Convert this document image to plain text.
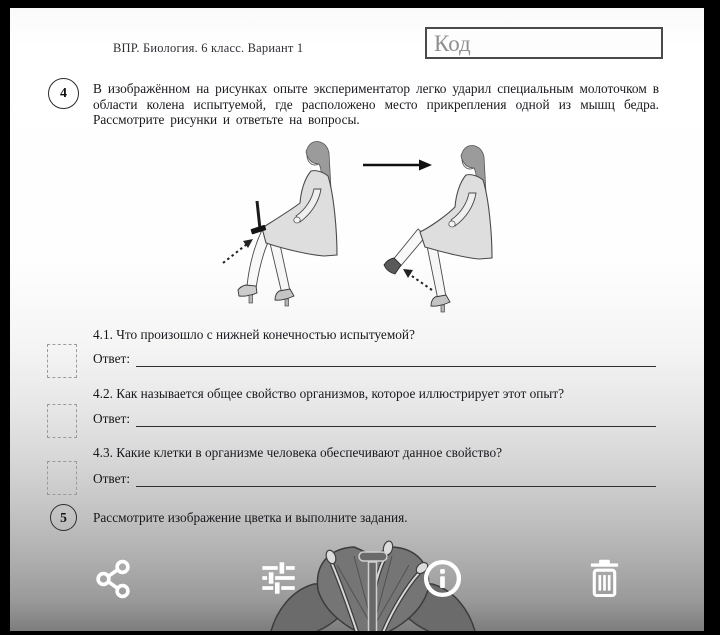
ВПР. Биология. 6 класс. Вариант 1	Код
4	В изображённом на рисунках опыте экспериментатор легко ударил специальным молоточком в области колена испытуемой, где расположено место прикрепления одной из мышц бедра. Рассмотрите рисунки и ответьте на вопросы.
4.1. Что произошло с нижней конечностью испытуемой?
Ответ:
4.2. Как называется общее свойство организмов, которое иллюстрирует этот опыт?
Ответ:
4.3. Какие клетки в организме человека обеспечивают данное свойство?
Ответ:
5	Рассмотрите изображение цветка и выполните задания.
